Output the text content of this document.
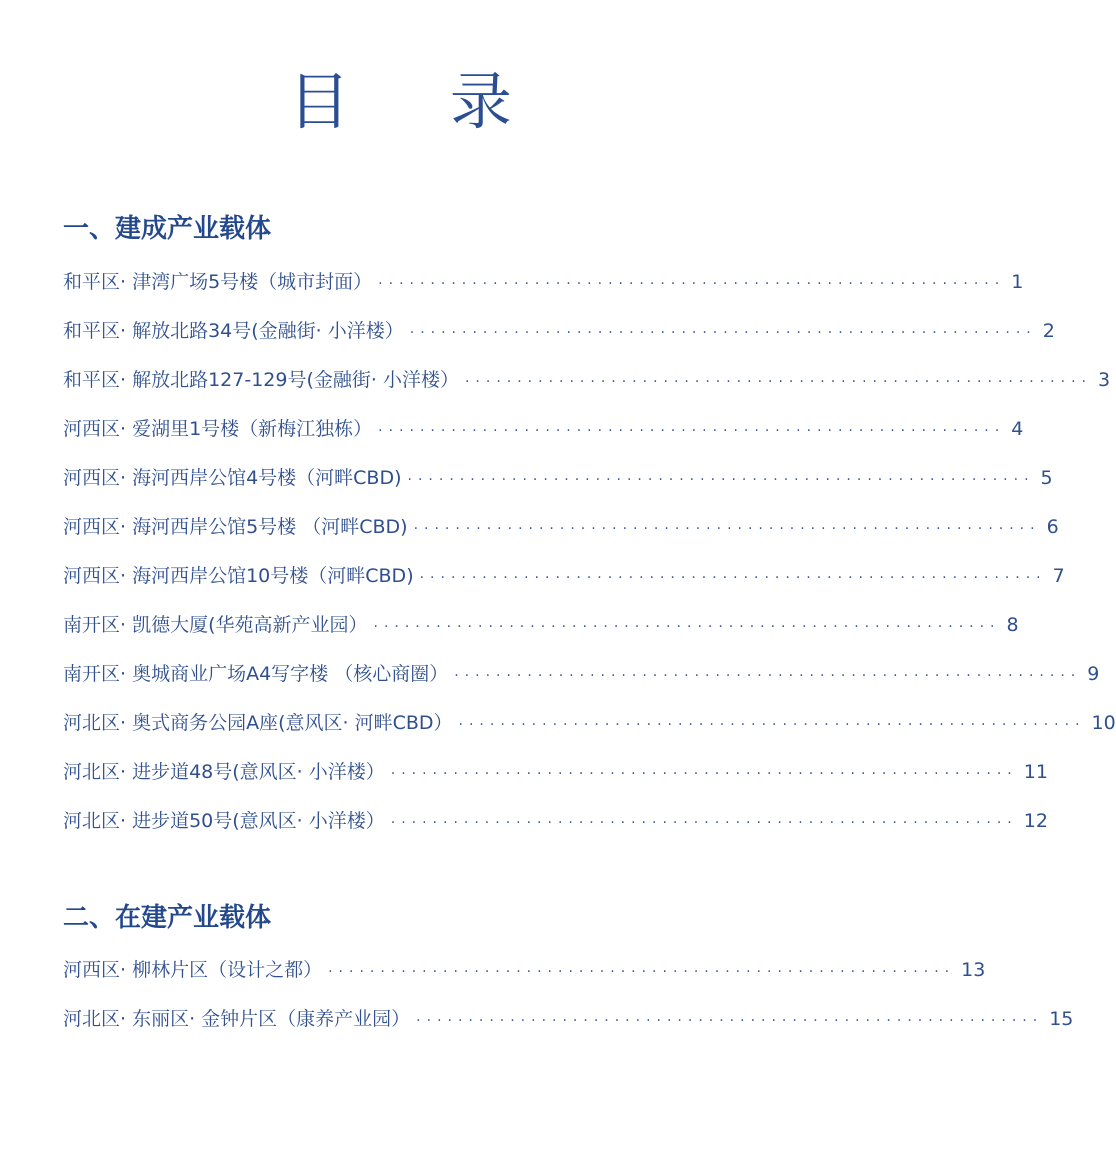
目 录
一、建成产业载体
和平区· 津湾广场5号楼（城市封面） ···························································· 1
和平区· 解放北路34号(金融街· 小洋楼） ···························································· 2
和平区· 解放北路127-129号(金融街· 小洋楼） ···························································· 3
河西区· 爱湖里1号楼（新梅江独栋） ···························································· 4
河西区· 海河西岸公馆4号楼（河畔CBD) ···························································· 5
河西区· 海河西岸公馆5号楼 （河畔CBD) ···························································· 6
河西区· 海河西岸公馆10号楼（河畔CBD) ···························································· 7
南开区· 凯德大厦(华苑高新产业园） ···························································· 8
南开区· 奥城商业广场A4写字楼 （核心商圈） ···························································· 9
河北区· 奥式商务公园A座(意风区· 河畔CBD） ···························································· 10
河北区· 进步道48号(意风区· 小洋楼） ···························································· 11
河北区· 进步道50号(意风区· 小洋楼） ···························································· 12
二、在建产业载体
河西区· 柳林片区（设计之都） ···························································· 13
河北区· 东丽区· 金钟片区（康养产业园） ···························································· 15
